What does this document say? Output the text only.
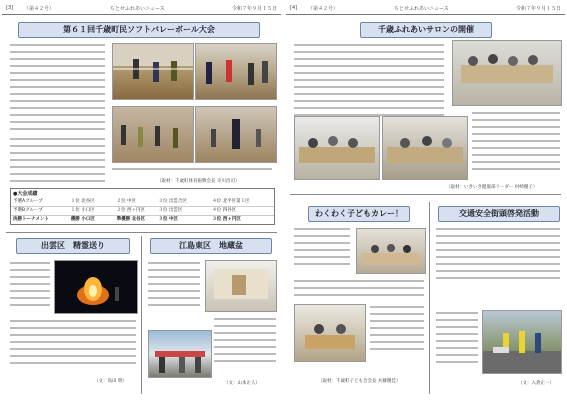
[3] （第４２号）	ちとせふれあいニュース	令和７年９月１５日
第６１回千歳町民ソフトバレーボール大会
（取材：千歳町体育振興会長 寺川昌司）
●大会成績
予選Aグループ	１位 北谷区	２位 中区	３位 出雲合区	４位 北平区第１区
予選Bグループ	１位 小口区	２位 西ヶ円区	３位 出雲区	４位 四谷区
決勝トーナメント	優勝 小口区	準優勝 北谷区	３位 中区	３位 西ヶ円区
出雲区　精霊送り
（文：高田 明）
江島東区　地蔵盆
（文：山本正人）
[4] （第４２号）	ちとせふれあいニュース	令和７年９月１５日
千歳ふれあいサロンの開催
（取材：いきいき健康部リーダー 村崎優子）
わくわく子どもカレー！
（取材：千歳町子ども会会長 兵藤優佳）
交通安全街頭啓発活動
（文：入倉正一）
